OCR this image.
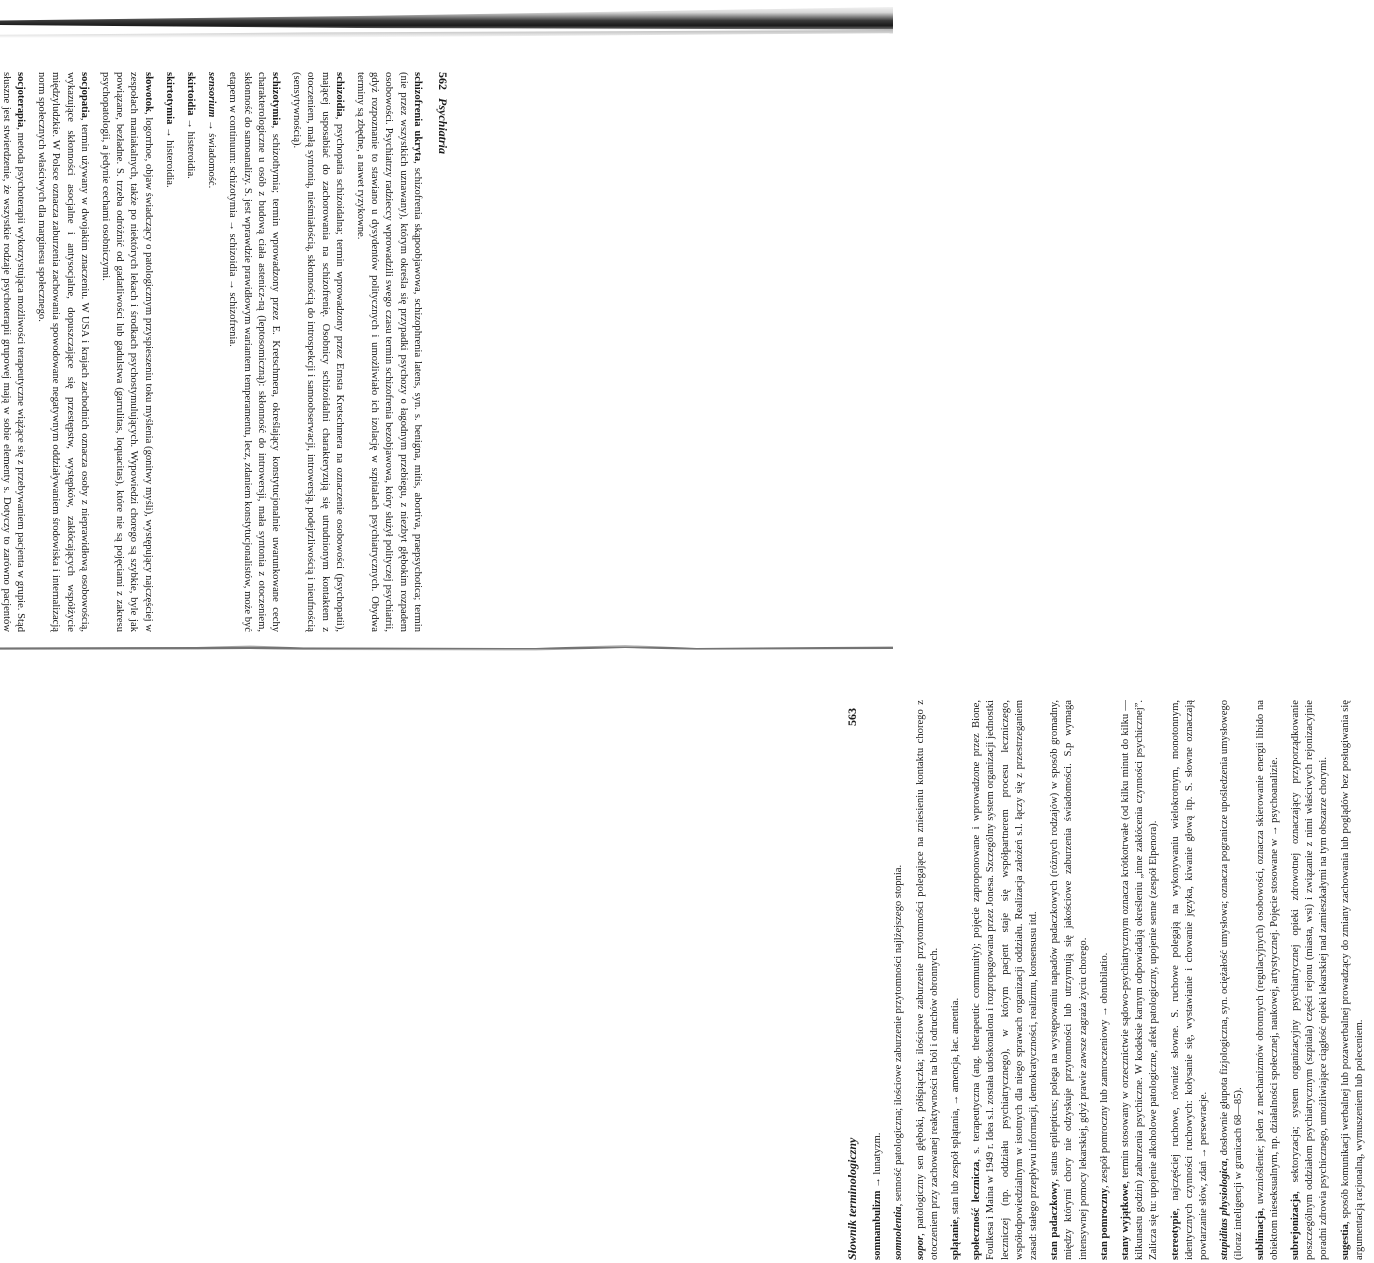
562
Psychiatria

schizofrenia ukryta, schizofrenia skąpoobjawowa, schizophrenia latens, syn. s. benigna, mitis, abortiva, praepsychotica; termin (nie przez wszystkich uznawany), którym określa się przypadki psychozy o łagodnym przebiegu, z niezbyt głębokim rozpadem osobowości. Psychiatrzy radzieccy wprowadzili swego czasu termin schizofrenia bezobjawowa, który służył polityczej psychiatrii, gdyż rozpoznanie to stawiano u dysydentów politycznych i umożliwiało ich izolację w szpitalach psychiatrycznych. Obydwa terminy są zbędne, a nawet ryzykowne.

schizoidia, psychopatia schizoidalna; termin wprowadzony przez Ernsta Kretschmera na oznaczenie osobowości (psychopatii), mającej usposabiać do zachorowania na schizofrenię. Osobnicy schizoidalni charakteryzują się utrudnionym kontaktem z otoczeniem, małą syntonią, nieśmiałością, skłonnością do introspekcji i samoobserwacji, introwersją, podejrzliwością i nieufnością (sensytywnością).

schizotymia, schizothymia; termin wprowadzony przez E. Kretschmera, określający konstytucjonalnie uwarunkowane cechy charakterologiczne u osób z budową ciała astenicz-ną (leptosomiczną): skłonność do introwersji, mała syntonia z otoczeniem, skłonność do samoanalizy. S. jest wprawdzie prawidłowym wariantem temperamentu, lecz, zdaniem konstytucjonalistów, może być etapem w continuum: schizotymia → schizoidia → schizofrenia.

sensorium → świadomość.

skirtoidia → histeroidia.

skirtotymia → histeroidia.

słowotok, logorrhoe, objaw świadczący o patologicznym przyspieszeniu toku myślenia (gonitwy myśli), występujący najczęściej w zespołach maniakalnych, także po niektórych lekach i środkach psychostymulujących. Wypowiedzi chorego są szybkie, byle jak powiązane, bezładne. S. trzeba odróżnić od gadatliwości lub gadulstwa (garrulitas, loquacitas), które nie są pojęciami z zakresu psychopatologii, a jedynie cechami osobniczymi.

socjopatia, termin używany w dwojakim znaczeniu. W USA i krajach zachodnich oznacza osoby z nieprawidłową osobowością, wykazujące skłonności asocjalne i antysocjalne, dopuszczające się przestępstw, występków, zakłócających współżycie międzyludzkie. W Polsce oznacza zaburzenia zachowania spowodowane negatywnym oddziaływaniem środowiska i internalizacją norm społecznych właściwych dla marginesu społecznego.

socjoterapia, metoda psychoterapii wykorzystująca możliwości terapeutyczne wiążące się z przebywaniem pacjenta w grupie. Stąd słuszne jest stwierdzenie, że wszystkie rodzaje psychoterapii grupowej mają w sobie elementy s. Dotyczy to zarówno pacjentów

Słownik terminologiczny
563

somnambulizm → lunatyzm.

somnolentia, senność patologiczna; ilościowe zaburzenie przytomności najlżejszego stopnia.

sopor, patologiczny sen głęboki, półśpiączka; ilościowe zaburzenie przytomności polegające na zniesieniu kontaktu chorego z otoczeniem przy zachowanej reaktywności na ból i odruchów obronnych. splątanie, stan lub zespół splątania, → amencja, łac. amentia. społeczność lecznicza, s. terapeutyczna (ang. therapeutic community); pojęcie zaproponowane i wprowadzone przez Bione, Foulkesa i Maina w 1949 r. Idea s.l. została udoskonalona i rozpropagowana przez Jonesa. Szczególny system organizacji jednostki leczniczej (np. oddziału psychiatrycznego), w którym pacjent staje się współpartnerem procesu leczniczego, współodpowiedzialnym w istotnych dla niego sprawach organizacji oddziału. Realizacja założeń s.l. łączy się z przestrzeganiem zasad: stałego przepływu informacji, demokratyczności, realizmu, konsensusu itd. stan padaczkowy, status epilepticus; polega na występowaniu napadów padaczkowych (różnych rodzajów) w sposób gromadny, między którymi chory nie odzyskuje przytomności lub utrzymują się jakościowe zaburzenia świadomości. S.p wymaga intensywnej pomocy lekarskiej, gdyż prawie zawsze zagraża życiu chorego. stan pomroczny, zespół pomroczny lub zamroczeniowy → obnubilatio.

stany wyjątkowe, termin stosowany w orzecznictwie sądowo-psychiatrycznym oznacza krótkotrwałe (od kilku minut do kilku — kilkunastu godzin) zaburzenia psychiczne. W kodeksie karnym odpowiadają określeniu „inne zakłócenia czynności psychicznej”. Zalicza się tu: upojenie alkoholowe patologiczne, afekt patologiczny, upojenie senne (zespół Elpenora). stereotypie, najczęściej ruchowe, również słowne. S. ruchowe polegają na wykonywaniu wielokrotnym, monotonnym, identycznych czynności ruchowych: kołysanie się, wystawianie i chowanie języka, kiwanie głową itp. S. słowne oznaczają powtarzanie słów, zdań → persewracje. stupiditas physiologica, dosłownie głupota fizjologiczna, syn. ociężałość umysłowa; oznacza pogranicze upośledzenia umysłowego (iloraz inteligencji w granicach 68—85). sublimacja, uwznioślenie; jeden z mechanizmów obronnych (regulacyjnych) osobowości, oznacza skierowanie energii libido na obiektom nieseksualnym, np. działalności społecznej, naukowej, artystycznej. Pojęcie stosowane w → psychoanalizie. subrejonizacja, sektoryzacja; system organizacyjny psychiatrycznej opieki zdrowotnej oznaczający przyporządkowanie poszczególnym oddziałom psychiatrycznym (szpitala) części rejonu (miasta, wsi) i związanie z nimi właściwych rejonizacyjnie poradni zdrowia psychicznego, umożliwiające ciągłość opieki lekarskiej nad zamieszkałymi na tym obszarze chorymi. sugestia, sposób komunikacji werbalnej lub pozawerbalnej prowadzący do zmiany zachowania lub poglądów bez posługiwania się argumentacją racjonalną, wymuszeniem lub poleceniem.
